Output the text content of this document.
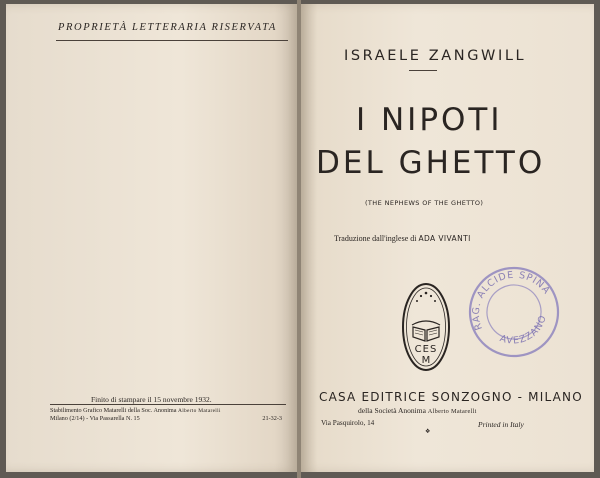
PROPRIETÀ LETTERARIA RISERVATA
Finito di stampare il 15 novembre 1932.
Stabilimento Grafico Matarelli della Soc. Anonima Alberto Matarelli
Milano (2/14) - Via Passarella N. 15	21-32-3
ISRAELE ZANGWILL
I NIPOTI
DEL GHETTO
(THE NEPHEWS OF THE GHETTO)
Traduzione dall'inglese di ADA VIVANTI
CES
M
RAG. ALCIDE SPINA
AVEZZANO
CASA EDITRICE SONZOGNO - MILANO
della Società Anonima Alberto Matarelli
Via Pasquirolo, 14	Printed in Italy
❖
